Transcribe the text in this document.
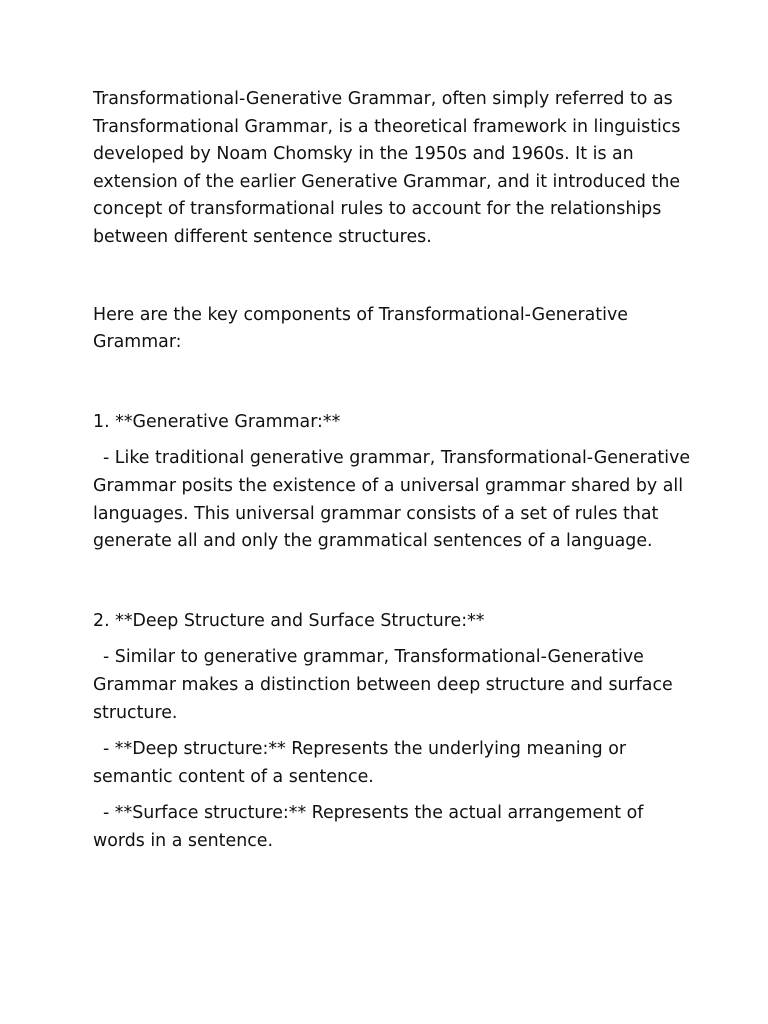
Transformational-Generative Grammar, often simply referred to as Transformational Grammar, is a theoretical framework in linguistics developed by Noam Chomsky in the 1950s and 1960s. It is an extension of the earlier Generative Grammar, and it introduced the concept of transformational rules to account for the relationships between different sentence structures.

Here are the key components of Transformational-Generative Grammar:

1. **Generative Grammar:**

- Like traditional generative grammar, Transformational-Generative Grammar posits the existence of a universal grammar shared by all languages. This universal grammar consists of a set of rules that generate all and only the grammatical sentences of a language.

2. **Deep Structure and Surface Structure:**

- Similar to generative grammar, Transformational-Generative Grammar makes a distinction between deep structure and surface structure.

- **Deep structure:** Represents the underlying meaning or semantic content of a sentence.

- **Surface structure:** Represents the actual arrangement of words in a sentence.
